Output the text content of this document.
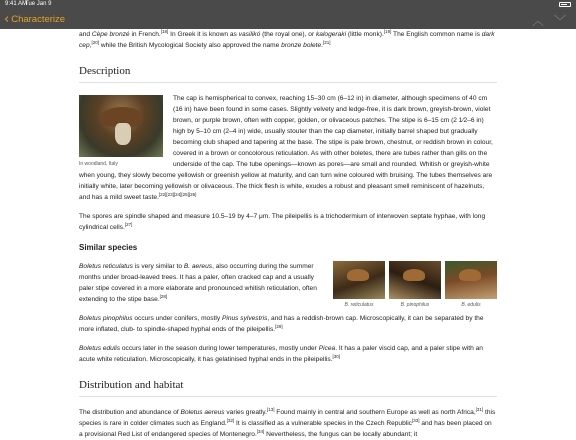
9:41 AM
Tue Jan 9
‹ Characterize	︿ ﹀

and Cèpe bronzé in French.[18] In Greek it is known as vasilikó (the royal one), or kalogeraki (little monk).[19] The English common name is dark cep,[20] while the British Mycological Society also approved the name bronze bolete.[21]

Description
In woodland, Italy

The cap is hemispherical to convex, reaching 15–30 cm (6–12 in) in diameter, although specimens of 40 cm (16 in) have been found in some cases. Slightly velvety and ledge-free, it is dark brown, greyish-brown, violet brown, or purple brown, often with copper, golden, or olivaceous patches. The stipe is 6–15 cm (2 1⁄2–6 in) high by 5–10 cm (2–4 in) wide, usually stouter than the cap diameter, initially barrel shaped but gradually becoming club shaped and tapering at the base. The stipe is pale brown, chestnut, or reddish brown in colour, covered in a brown or concolorous reticulation. As with other boletes, there are tubes rather than gills on the underside of the cap. The tube openings—known as pores—are small and rounded. Whitish or greyish-white when young, they slowly become yellowish or greenish yellow at maturity, and can turn wine coloured with bruising. The tubes themselves are initially white, later becoming yellowish or olivaceous. The thick flesh is white, exudes a robust and pleasant smell reminiscent of hazelnuts, and has a mild sweet taste.[22][23][24][25][26]

The spores are spindle shaped and measure 10.5–19 by 4–7 μm. The pileipellis is a trichodermium of interwoven septate hyphae, with long cylindrical cells.[27]

Similar species
B. reticulatus	B. pinophilus	B. edulis

Boletus reticulatus is very similar to B. aereus, also occurring during the summer months under broad-leaved trees. It has a paler, often cracked cap and a usually paler stipe covered in a more elaborate and pronounced whitish reticulation, often extending to the stipe base.[28]

Boletus pinophilus occurs under conifers, mostly Pinus sylvestris, and has a reddish-brown cap. Microscopically, it can be separated by the more inflated, club- to spindle-shaped hyphal ends of the pileipellis.[29]

Boletus edulis occurs later in the season during lower temperatures, mostly under Picea. It has a paler viscid cap, and a paler stipe with an acute white reticulation. Microscopically, it has gelatinised hyphal ends in the pileipellis.[30]

Distribution and habitat

The distribution and abundance of Boletus aereus varies greatly.[13] Found mainly in central and southern Europe as well as north Africa,[31] this species is rare in colder climates such as England.[32] It is classified as a vulnerable species in the Czech Republic[33] and has been placed on a provisional Red List of endangered species of Montenegro.[34] Nevertheless, the fungus can be locally abundant; it
